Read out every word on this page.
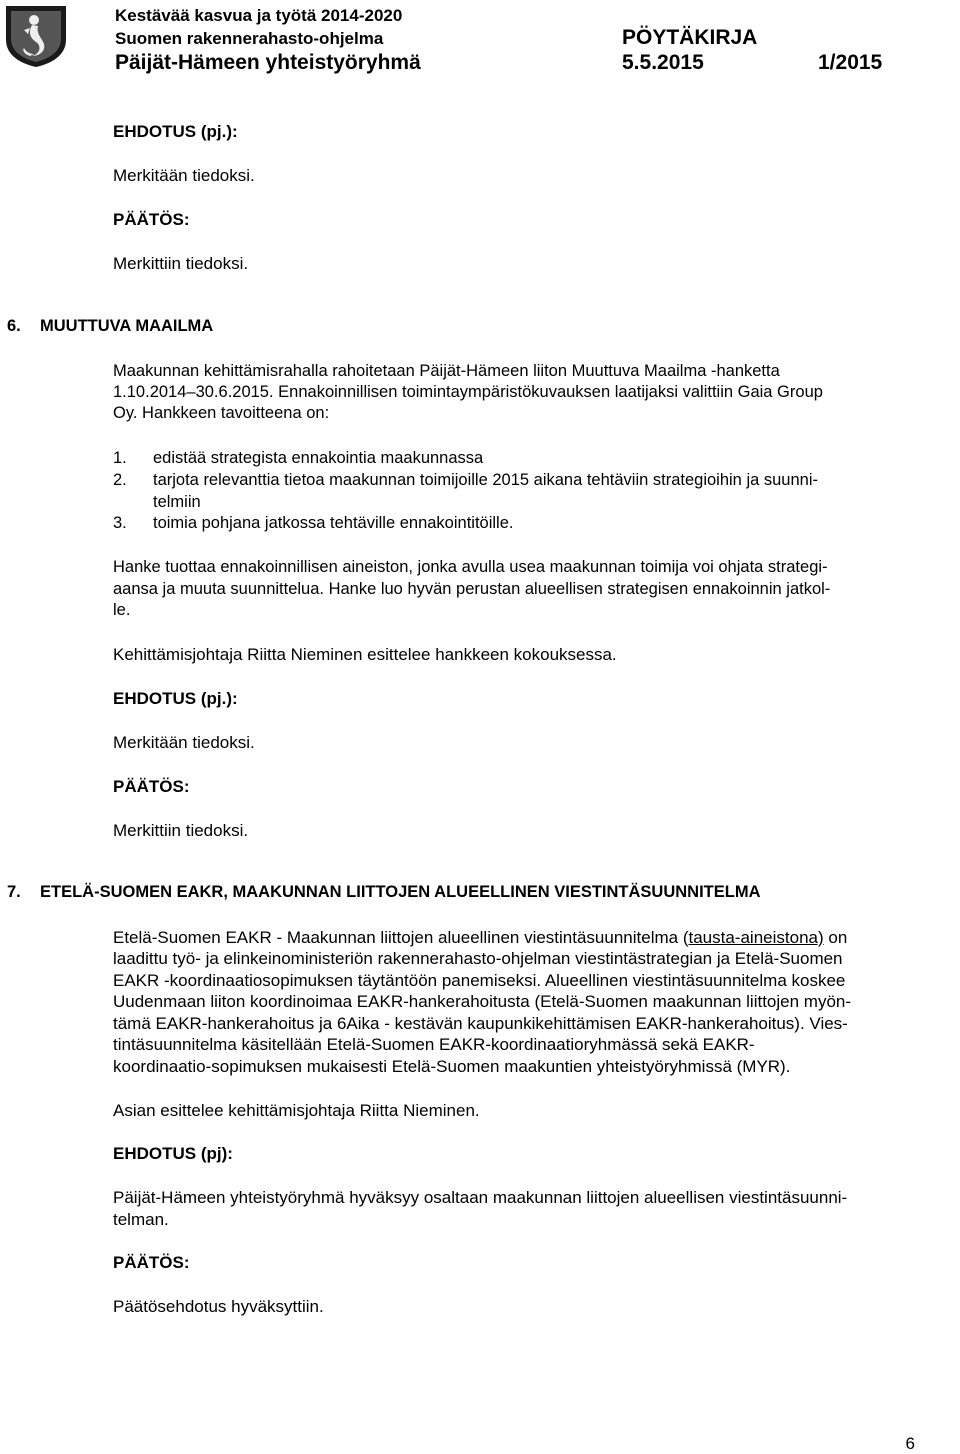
Kestävää kasvua ja työtä 2014-2020
Suomen rakennerahasto-ohjelma
Päijät-Hämeen yhteistyöryhmä
PÖYTÄKIRJA
5.5.2015	1/2015
EHDOTUS (pj.):
Merkitään tiedoksi.
PÄÄTÖS:
Merkittiin tiedoksi.
6. MUUTTUVA MAAILMA
Maakunnan kehittämisrahalla rahoitetaan Päijät-Hämeen liiton Muuttuva Maailma -hanketta
1.10.2014–30.6.2015. Ennakoinnillisen toimintaympäristökuvauksen laatijaksi valittiin Gaia Group
Oy. Hankkeen tavoitteena on:
1. edistää strategista ennakointia maakunnassa
2. tarjota relevanttia tietoa maakunnan toimijoille 2015 aikana tehtäviin strategioihin ja suunni-
telmiin
3. toimia pohjana jatkossa tehtäville ennakointitöille.
Hanke tuottaa ennakoinnillisen aineiston, jonka avulla usea maakunnan toimija voi ohjata strategi-
aansa ja muuta suunnittelua. Hanke luo hyvän perustan alueellisen strategisen ennakoinnin jatkol-
le.
Kehittämisjohtaja Riitta Nieminen esittelee hankkeen kokouksessa.
EHDOTUS (pj.):
Merkitään tiedoksi.
PÄÄTÖS:
Merkittiin tiedoksi.
7. ETELÄ-SUOMEN EAKR, MAAKUNNAN LIITTOJEN ALUEELLINEN VIESTINTÄSUUNNITELMA
Etelä-Suomen EAKR - Maakunnan liittojen alueellinen viestintäsuunnitelma (tausta-aineistona) on
laadittu työ- ja elinkeinoministeriön rakennerahasto-ohjelman viestintästrategian ja Etelä-Suomen
EAKR -koordinaatiosopimuksen täytäntöön panemiseksi. Alueellinen viestintäsuunnitelma koskee
Uudenmaan liiton koordinoimaa EAKR-hankerahoitusta (Etelä-Suomen maakunnan liittojen myön-
tämä EAKR-hankerahoitus ja 6Aika - kestävän kaupunkikehittämisen EAKR-hankerahoitus). Vies-
tintäsuunnitelma käsitellään Etelä-Suomen EAKR-koordinaatioryhmässä sekä EAKR-
koordinaatio-sopimuksen mukaisesti Etelä-Suomen maakuntien yhteistyöryhmissä (MYR).
Asian esittelee kehittämisjohtaja Riitta Nieminen.
EHDOTUS (pj):
Päijät-Hämeen yhteistyöryhmä hyväksyy osaltaan maakunnan liittojen alueellisen viestintäsuunni-
telman.
PÄÄTÖS:
Päätösehdotus hyväksyttiin.
6
